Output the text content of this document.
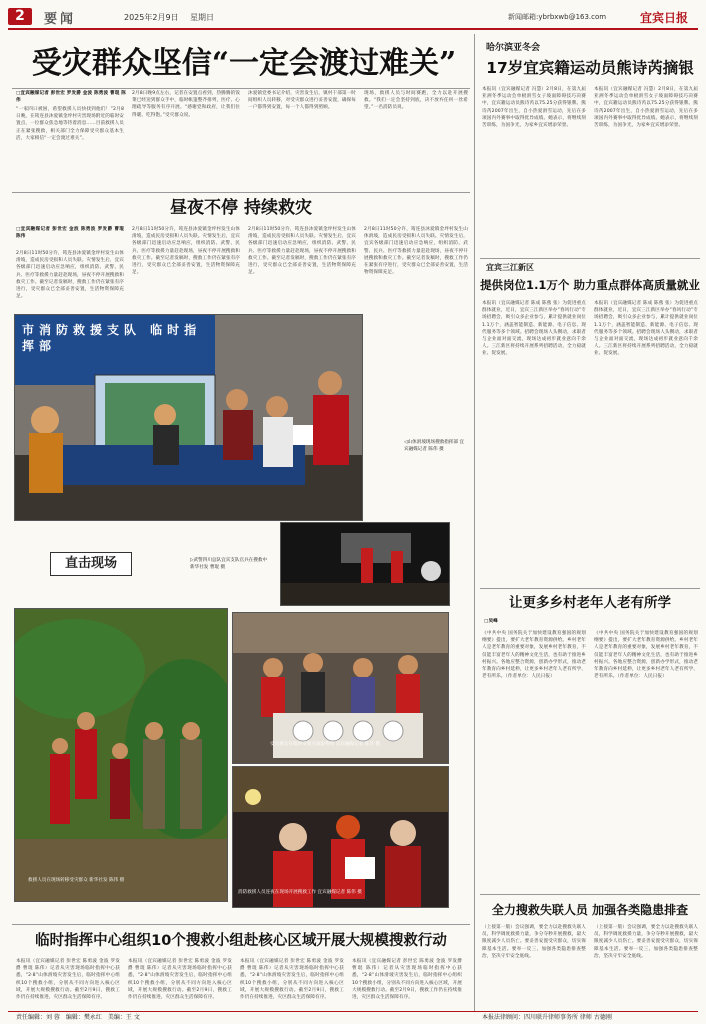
2	要闻	2025年2月9日 星期日	新闻邮箱:ybrbxwb@163.com	宜宾日报
受灾群众坚信“一定会渡过难关”
□宜宾融媒记者 彭世宏 罗发爵 金波 陈勇波 曹琨 陈伟
“一家四口被困，希望救援人员快找到他们！”2月8日晚，在筠连县沐爱镇金坪村灾害现场附近的临时安置点，一位群众焦急地等待着消息……目前救援人员正在紧张搜救，相关部门全力保障受灾群众基本生活，大家相信“一定会渡过难关”。
2月8日晚9点左右，记者在安置点看到，热腾腾的饭菜已经送到群众手中，临时帐篷整齐排列，医疗、心理疏导等服务有序开展。“感谢党和政府，让我们住得暖、吃得饱。”受灾群众说。
沐爱镇党委书记介绍，灾害发生后，镇村干部第一时间组织人员转移，对受灾群众进行妥善安置，确保每一户都得到安置，每一个人都得到照顾。
现场，救援人员与时间赛跑，全力以赴开展搜救。“我们一定会坚持到底，决不放弃任何一丝希望。”一名消防员说。
昼夜不停 持续救灾
□宜宾融媒记者 彭世宏 金波 陈勇波 罗发爵 曹琨 陈伟
2月8日11时50分许，筠连县沐爱镇金坪村发生山体滑坡，造成民房受损和人员失联。灾情发生后，宜宾各级部门迅速启动应急响应，组织消防、武警、民兵、医疗等救援力量赶赴现场，昼夜不停开展搜救和救灾工作。截至记者发稿时，搜救工作仍在紧张有序进行，受灾群众已全部妥善安置，生活物资保障充足。
2月8日11时50分许，筠连县沐爱镇金坪村发生山体滑坡，造成民房受损和人员失联。灾情发生后，宜宾各级部门迅速启动应急响应，组织消防、武警、民兵、医疗等救援力量赶赴现场，昼夜不停开展搜救和救灾工作。截至记者发稿时，搜救工作仍在紧张有序进行，受灾群众已全部妥善安置，生活物资保障充足。
2月8日11时50分许，筠连县沐爱镇金坪村发生山体滑坡，造成民房受损和人员失联。灾情发生后，宜宾各级部门迅速启动应急响应，组织消防、武警、民兵、医疗等救援力量赶赴现场，昼夜不停开展搜救和救灾工作。截至记者发稿时，搜救工作仍在紧张有序进行，受灾群众已全部妥善安置，生活物资保障充足。
2月8日11时50分许，筠连县沐爱镇金坪村发生山体滑坡，造成民房受损和人员失联。灾情发生后，宜宾各级部门迅速启动应急响应，组织消防、武警、民兵、医疗等救援力量赶赴现场，昼夜不停开展搜救和救灾工作。截至记者发稿时，搜救工作仍在紧张有序进行，受灾群众已全部妥善安置，生活物资保障充足。
市消防救援支队 临时指挥部
◁山体滑坡现场搜救指挥部 宜宾融媒记者 陈伟 摄
▷武警四川总队宜宾支队官兵在搜救中 新华社发 曹琨 摄
直击现场
救援人员在现场转移受灾群众 新华社发 陈伟 摄
受灾群众在临时安置点领取物资 宜宾融媒记者 陈伟 摄
消防救援人员连夜在现场开展搜救工作 宜宾融媒记者 陈伟 摄
临时指挥中心组织10个搜救小组赴核心区域开展大规模搜救行动
本报讯（宜宾融媒记者 彭世宏 陈勇波 金波 罗发爵 曹琨 陈伟）记者从灾害现场临时指挥中心获悉，“2·8”山体滑坡灾害发生后，临时指挥中心组织10个搜救小组，分别从不同方向进入核心区域，开展大规模搜救行动。截至2月9日，搜救工作仍在持续推进，灾区群众生活保障有序。
本报讯（宜宾融媒记者 彭世宏 陈勇波 金波 罗发爵 曹琨 陈伟）记者从灾害现场临时指挥中心获悉，“2·8”山体滑坡灾害发生后，临时指挥中心组织10个搜救小组，分别从不同方向进入核心区域，开展大规模搜救行动。截至2月9日，搜救工作仍在持续推进，灾区群众生活保障有序。
本报讯（宜宾融媒记者 彭世宏 陈勇波 金波 罗发爵 曹琨 陈伟）记者从灾害现场临时指挥中心获悉，“2·8”山体滑坡灾害发生后，临时指挥中心组织10个搜救小组，分别从不同方向进入核心区域，开展大规模搜救行动。截至2月9日，搜救工作仍在持续推进，灾区群众生活保障有序。
本报讯（宜宾融媒记者 彭世宏 陈勇波 金波 罗发爵 曹琨 陈伟）记者从灾害现场临时指挥中心获悉，“2·8”山体滑坡灾害发生后，临时指挥中心组织10个搜救小组，分别从不同方向进入核心区域，开展大规模搜救行动。截至2月9日，搜救工作仍在持续推进，灾区群众生活保障有序。
哈尔滨亚冬会
17岁宜宾籍运动员熊诗芮摘银
本报讯（宜宾融媒记者 冯慧）2月8日，在第九届亚洲冬季运动会单板滑雪女子坡面障碍技巧决赛中，宜宾籍运动员熊诗芮以75.25分获得银牌。熊诗芮2007年出生，自小热爱滑雪运动，先后在多项国内外赛事中取得优异成绩。她表示，将继续刻苦训练，为国争光，为家乡宜宾增添荣誉。
本报讯（宜宾融媒记者 冯慧）2月8日，在第九届亚洲冬季运动会单板滑雪女子坡面障碍技巧决赛中，宜宾籍运动员熊诗芮以75.25分获得银牌。熊诗芮2007年出生，自小热爱滑雪运动，先后在多项国内外赛事中取得优异成绩。她表示，将继续刻苦训练，为国争光，为家乡宜宾增添荣誉。
宜宾三江新区
提供岗位1.1万个 助力重点群体高质量就业
本报讯（宜宾融媒记者 陈成 陈燕 张）为促进重点群体就业，近日，宜宾三江新区举办“春风行动”专场招聘会，吸引众多企业参与，累计提供就业岗位1.1万个，涵盖智能制造、新能源、电子信息、现代服务等多个领域。招聘会现场人头攒动，求职者与企业面对面交流，现场达成初步就业意向千余人。三江新区将持续开展系列招聘活动，全力稳就业、促发展。
本报讯（宜宾融媒记者 陈成 陈燕 张）为促进重点群体就业，近日，宜宾三江新区举办“春风行动”专场招聘会，吸引众多企业参与，累计提供就业岗位1.1万个，涵盖智能制造、新能源、电子信息、现代服务等多个领域。招聘会现场人头攒动，求职者与企业面对面交流，现场达成初步就业意向千余人。三江新区将持续开展系列招聘活动，全力稳就业、促发展。
让更多乡村老年人老有所学
□吴峰
《中共中央 国务院关于加快建设教育强国的规划纲要》提出，要扩大老年教育资源供给。乡村老年人是老年教育的重要对象，发展乡村老年教育，不仅能丰富老年人的精神文化生活，也有助于推进乡村振兴。各地应整合资源，创新办学形式，推动老年教育向乡村延伸，让更多乡村老年人老有所学、老有所乐。（作者单位：人民日报）
《中共中央 国务院关于加快建设教育强国的规划纲要》提出，要扩大老年教育资源供给。乡村老年人是老年教育的重要对象，发展乡村老年教育，不仅能丰富老年人的精神文化生活，也有助于推进乡村振兴。各地应整合资源，创新办学形式，推动老年教育向乡村延伸，让更多乡村老年人老有所学、老有所乐。（作者单位：人民日报）
全力搜救失联人员 加强各类隐患排查
（上接第一版）会议强调，要全力以赴搜救失联人员，科学调度救援力量，争分夺秒开展搜救，最大限度减少人员伤亡。要妥善安置受灾群众，切实保障基本生活。要举一反三，加强各类隐患排查整治，坚决守牢安全底线。
（上接第一版）会议强调，要全力以赴搜救失联人员，科学调度救援力量，争分夺秒开展搜救，最大限度减少人员伤亡。要妥善安置受灾群众，切实保障基本生活。要举一反三，加强各类隐患排查整治，坚决守牢安全底线。
责任编辑：刘 蓉　编辑：樊永红　美编：王 文	本报法律顾问：四川联升律师事务所 律师 古德刚
